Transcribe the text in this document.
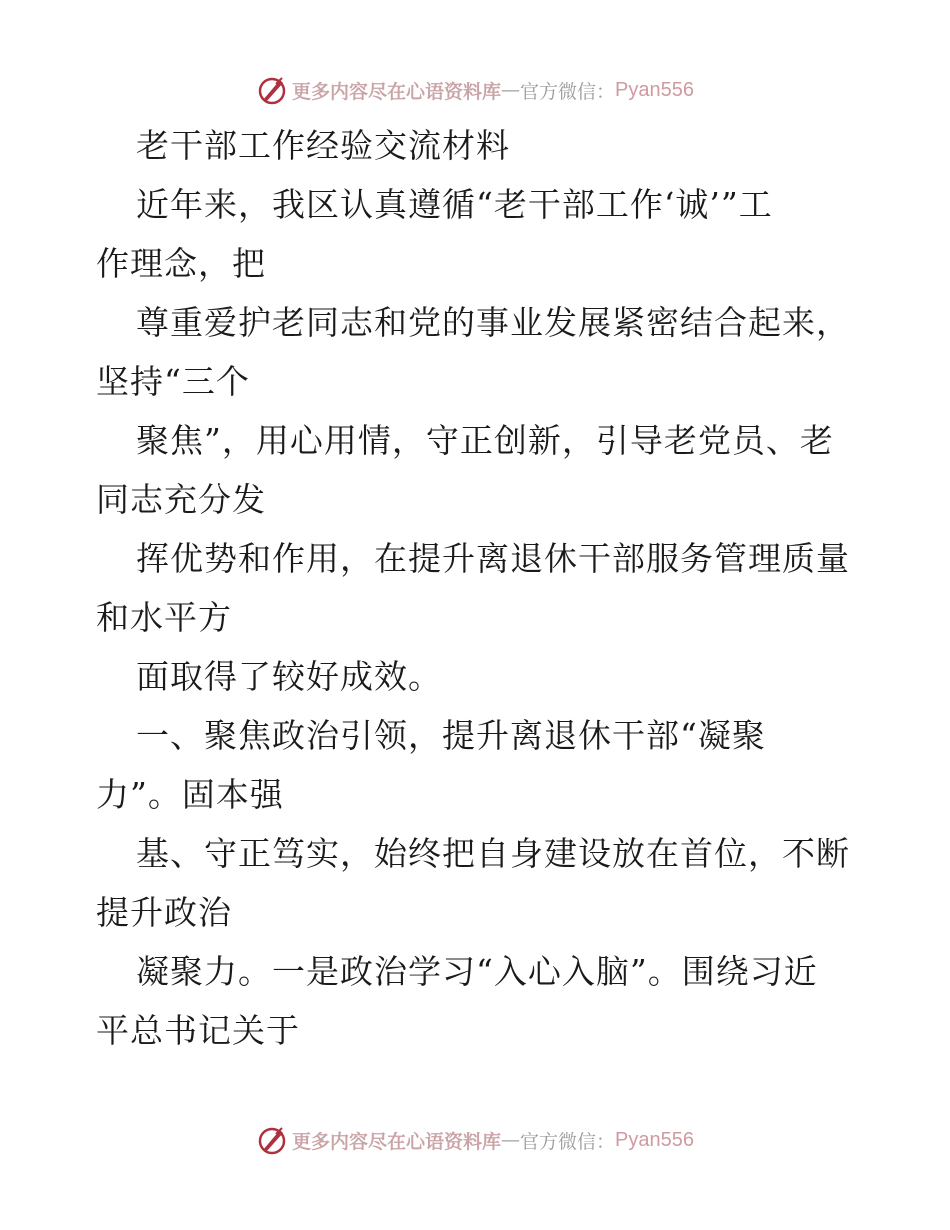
更多内容尽在心语资料库 — 官方微信： Pyan556
老干部工作经验交流材料
近年来，我区认真遵循“老干部工作‘诚’”工
作理念，把
尊重爱护老同志和党的事业发展紧密结合起来，
坚持“三个
聚焦”，用心用情，守正创新，引导老党员、老
同志充分发
挥优势和作用，在提升离退休干部服务管理质量
和水平方
面取得了较好成效。
一、聚焦政治引领，提升离退休干部“凝聚
力”。固本强
基、守正笃实，始终把自身建设放在首位，不断
提升政治
凝聚力。一是政治学习“入心入脑”。围绕习近
平总书记关于
更多内容尽在心语资料库 — 官方微信： Pyan556
